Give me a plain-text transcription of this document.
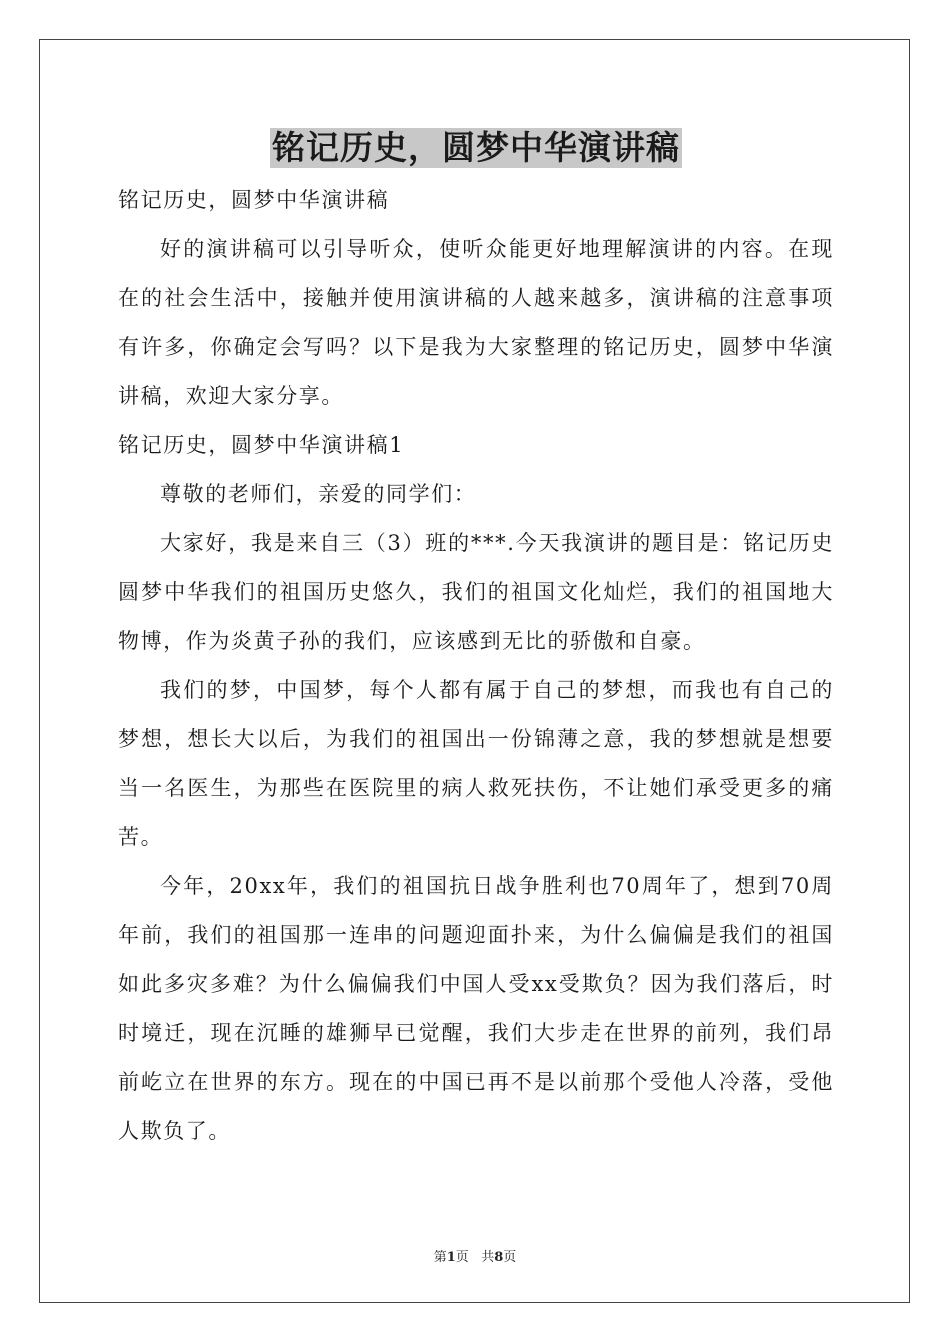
铭记历史，圆梦中华演讲稿

铭记历史，圆梦中华演讲稿

好的演讲稿可以引导听众，使听众能更好地理解演讲的内容。在现在的社会生活中，接触并使用演讲稿的人越来越多，演讲稿的注意事项有许多，你确定会写吗？以下是我为大家整理的铭记历史，圆梦中华演讲稿，欢迎大家分享。

铭记历史，圆梦中华演讲稿1

尊敬的老师们，亲爱的同学们：

大家好，我是来自三（3）班的***.今天我演讲的题目是：铭记历史圆梦中华我们的祖国历史悠久，我们的祖国文化灿烂，我们的祖国地大物博，作为炎黄子孙的我们，应该感到无比的骄傲和自豪。

我们的梦，中国梦，每个人都有属于自己的梦想，而我也有自己的梦想，想长大以后，为我们的祖国出一份锦薄之意，我的梦想就是想要当一名医生，为那些在医院里的病人救死扶伤，不让她们承受更多的痛苦。

今年，20xx年，我们的祖国抗日战争胜利也70周年了，想到70周年前，我们的祖国那一连串的问题迎面扑来，为什么偏偏是我们的祖国如此多灾多难？为什么偏偏我们中国人受xx受欺负？因为我们落后，时时境迁，现在沉睡的雄狮早已觉醒，我们大步走在世界的前列，我们昂前屹立在世界的东方。现在的中国已再不是以前那个受他人冷落，受他人欺负了。

第1页 共8页
